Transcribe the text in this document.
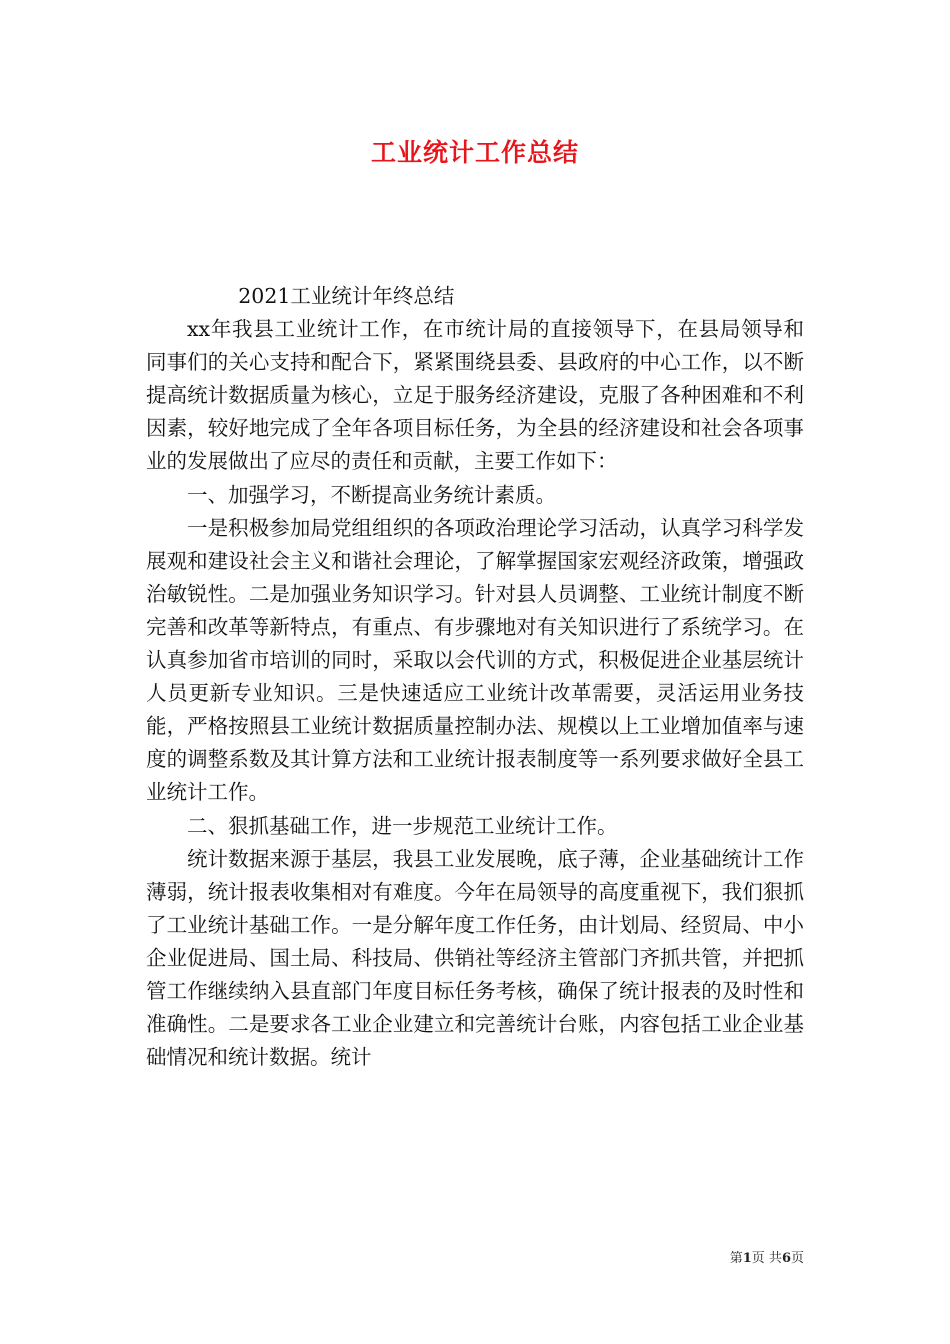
工业统计工作总结

2021工业统计年终总结

xx年我县工业统计工作，在市统计局的直接领导下，在县局领导和同事们的关心支持和配合下，紧紧围绕县委、县政府的中心工作，以不断提高统计数据质量为核心，立足于服务经济建设，克服了各种困难和不利因素，较好地完成了全年各项目标任务，为全县的经济建设和社会各项事业的发展做出了应尽的责任和贡献，主要工作如下：

一、加强学习，不断提高业务统计素质。

一是积极参加局党组组织的各项政治理论学习活动，认真学习科学发展观和建设社会主义和谐社会理论，了解掌握国家宏观经济政策，增强政治敏锐性。二是加强业务知识学习。针对县人员调整、工业统计制度不断完善和改革等新特点，有重点、有步骤地对有关知识进行了系统学习。在认真参加省市培训的同时，采取以会代训的方式，积极促进企业基层统计人员更新专业知识。三是快速适应工业统计改革需要，灵活运用业务技能，严格按照县工业统计数据质量控制办法、规模以上工业增加值率与速度的调整系数及其计算方法和工业统计报表制度等一系列要求做好全县工业统计工作。

二、狠抓基础工作，进一步规范工业统计工作。

统计数据来源于基层，我县工业发展晚，底子薄，企业基础统计工作薄弱，统计报表收集相对有难度。今年在局领导的高度重视下，我们狠抓了工业统计基础工作。一是分解年度工作任务，由计划局、经贸局、中小企业促进局、国土局、科技局、供销社等经济主管部门齐抓共管，并把抓管工作继续纳入县直部门年度目标任务考核，确保了统计报表的及时性和准确性。二是要求各工业企业建立和完善统计台账，内容包括工业企业基础情况和统计数据。统计

第1页 共6页
